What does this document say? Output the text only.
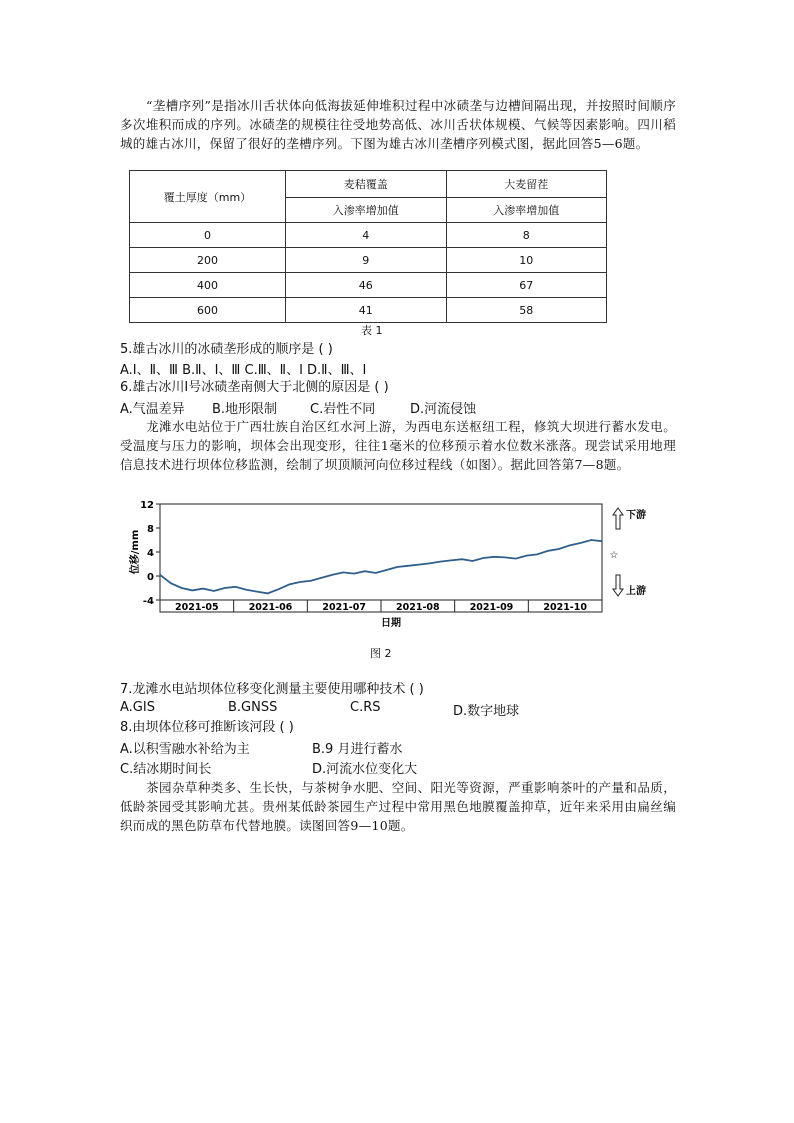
“垄槽序列”是指冰川舌状体向低海拔延伸堆积过程中冰碛垄与边槽间隔出现，并按照时间顺序多次堆积而成的序列。冰碛垄的规模往往受地势高低、冰川舌状体规模、气候等因素影响。四川稻城的雄古冰川，保留了很好的垄槽序列。下图为雄古冰川垄槽序列模式图，据此回答5—6题。
覆土厚度（mm）	麦秸覆盖	大麦留茬
	入渗率增加值	入渗率增加值
0	4	8
200	9	10
400	46	67
600	41	58
表 1
5.雄古冰川的冰碛垄形成的顺序是 ( )
A.Ⅰ、Ⅱ、Ⅲ B.Ⅱ、Ⅰ、Ⅲ C.Ⅲ、Ⅱ、Ⅰ D.Ⅱ、Ⅲ、Ⅰ
6.雄古冰川Ⅰ号冰碛垄南侧大于北侧的原因是 ( )
A.气温差异 B.地形限制	C.岩性不同	D.河流侵蚀
龙滩水电站位于广西壮族自治区红水河上游，为西电东送枢纽工程，修筑大坝进行蓄水发电。受温度与压力的影响，坝体会出现变形，往往1毫米的位移预示着水位数米涨落。现尝试采用地理信息技术进行坝体位移监测，绘制了坝顶顺河向位移过程线（如图）。据此回答第7—8题。
12
8
4
0
-4
位移/mm
2021-05	2021-06	2021-07	2021-08	2021-09	2021-10
日期
下游
☆
上游
图 2
7.龙滩水电站坝体位移变化测量主要使用哪种技术 ( )
A.GIS	B.GNSS	C.RS	D.数字地球
8.由坝体位移可推断该河段 ( )
A.以积雪融水补给为主	B.9 月进行蓄水
C.结冰期时间长	D.河流水位变化大
茶园杂草种类多、生长快，与茶树争水肥、空间、阳光等资源，严重影响茶叶的产量和品质，低龄茶园受其影响尤甚。贵州某低龄茶园生产过程中常用黑色地膜覆盖抑草，近年来采用由扁丝编织而成的黑色防草布代替地膜。读图回答9—10题。
